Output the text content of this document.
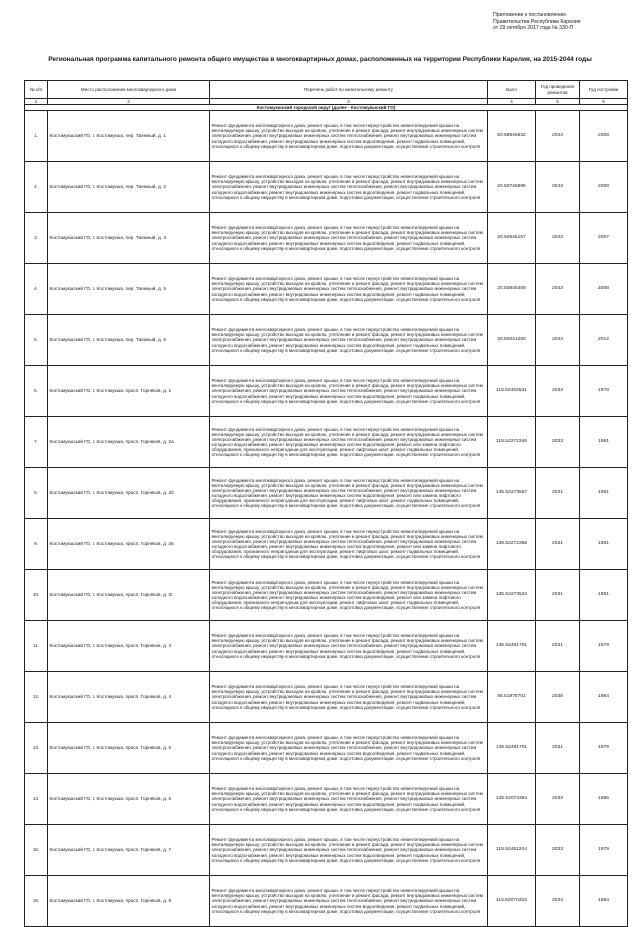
Приложение к постановлению
Правительства Республики Карелия
от 29 октября 2017 года № 330-П
Региональная программа капитального ремонта общего имущества в многоквартирных домах, расположенных на территории Республики Карелия, на 2015-2044 годы
№ п/п	Место расположения многоквартирного дома	Перечень работ по капитальному ремонту	Балл	Год проведения ремонтов	Год постройки
1	2	3	4	5	6
Костомукшский городской округ (далее - Костомукшский ГО)					
1.	Костомукшский ГО, г. Костомукша, пер. Таежный, д. 1	Ремонт фундамента многоквартирного дома, ремонт крыши, в том числе переустройство невентилируемой крыши на вентилируемую крышу, устройство выходов на кровлю, утепление и ремонт фасада, ремонт внутридомовых инженерных систем электроснабжения, ремонт внутридомовых инженерных систем теплоснабжения, ремонт внутридомовых инженерных систем холодного водоснабжения, ремонт внутридомовых инженерных систем водоотведения, ремонт подвальных помещений, относящихся к общему имуществу в многоквартирном доме, подготовка документации, осуществление строительного контроля	50.58546632	2043	2008
2.	Костомукшский ГО, г. Костомукша, пер. Таежный, д. 2	Ремонт фундамента многоквартирного дома, ремонт крыши, в том числе переустройство невентилируемой крыши на вентилируемую крышу, устройство выходов на кровлю, утепление и ремонт фасада, ремонт внутридомовых инженерных систем электроснабжения, ремонт внутридомовых инженерных систем теплоснабжения, ремонт внутридомовых инженерных систем холодного водоснабжения, ремонт внутридомовых инженерных систем водоотведения, ремонт подвальных помещений, относящихся к общему имуществу в многоквартирном доме, подготовка документации, осуществление строительного контроля	20.50746695	2043	2008
3.	Костомукшский ГО, г. Костомукша, пер. Таежный, д. 3	Ремонт фундамента многоквартирного дома, ремонт крыши, в том числе переустройство невентилируемой крыши на вентилируемую крышу, устройство выходов на кровлю, утепление и ремонт фасада, ремонт внутридомовых инженерных систем электроснабжения, ремонт внутридомовых инженерных систем теплоснабжения, ремонт внутридомовых инженерных систем холодного водоснабжения, ремонт внутридомовых инженерных систем водоотведения, ремонт подвальных помещений, относящихся к общему имуществу в многоквартирном доме, подготовка документации, осуществление строительного контроля	20.50546157	2043	2007
4.	Костомукшский ГО, г. Костомукша, пер. Таежный, д. 5	Ремонт фундамента многоквартирного дома, ремонт крыши, в том числе переустройство невентилируемой крыши на вентилируемую крышу, устройство выходов на кровлю, утепление и ремонт фасада, ремонт внутридомовых инженерных систем электроснабжения, ремонт внутридомовых инженерных систем теплоснабжения, ремонт внутридомовых инженерных систем холодного водоснабжения, ремонт внутридомовых инженерных систем водоотведения, ремонт подвальных помещений, относящихся к общему имуществу в многоквартирном доме, подготовка документации, осуществление строительного контроля	20.50645405	2043	2008
5.	Костомукшский ГО, г. Костомукша, пер. Таежный, д. 6	Ремонт фундамента многоквартирного дома, ремонт крыши, в том числе переустройство невентилируемой крыши на вентилируемую крышу, устройство выходов на кровлю, утепление и ремонт фасада, ремонт внутридомовых инженерных систем электроснабжения, ремонт внутридомовых инженерных систем теплоснабжения, ремонт внутридомовых инженерных систем холодного водоснабжения, ремонт внутридомовых инженерных систем водоотведения, ремонт подвальных помещений, относящихся к общему имуществу в многоквартирном доме, подготовка документации, осуществление строительного контроля	20.50041260	2043	2012
6.	Костомукшский ГО, г. Костомукша, просп. Горняков, д. 1	Ремонт фундамента многоквартирного дома, ремонт крыши, в том числе переустройство невентилируемой крыши на вентилируемую крышу, устройство выходов на кровлю, утепление и ремонт фасада, ремонт внутридомовых инженерных систем электроснабжения, ремонт внутридомовых инженерных систем теплоснабжения, ремонт внутридомовых инженерных систем холодного водоснабжения, ремонт внутридомовых инженерных систем водоотведения, ремонт подвальных помещений, относящихся к общему имуществу в многоквартирном доме, подготовка документации, осуществление строительного контроля	115.52452531	2033	1978
7.	Костомукшский ГО, г. Костомукша, просп. Горняков, д. 2а	Ремонт фундамента многоквартирного дома, ремонт крыши, в том числе переустройство невентилируемой крыши на вентилируемую крышу, устройство выходов на кровлю, утепление и ремонт фасада, ремонт внутридомовых инженерных систем электроснабжения, ремонт внутридомовых инженерных систем теплоснабжения, ремонт внутридомовых инженерных систем холодного водоснабжения, ремонт внутридомовых инженерных систем водоотведения, ремонт или замена лифтового оборудования, признанного непригодным для эксплуатации, ремонт лифтовых шахт, ремонт подвальных помещений, относящихся к общему имуществу в многоквартирном доме, подготовка документации, осуществление строительного контроля	115.52272346	2033	1981
8.	Костомукшский ГО, г. Костомукша, просп. Горняков, д. 2б	Ремонт фундамента многоквартирного дома, ремонт крыши, в том числе переустройство невентилируемой крыши на вентилируемую крышу, устройство выходов на кровлю, утепление и ремонт фасада, ремонт внутридомовых инженерных систем электроснабжения, ремонт внутридомовых инженерных систем теплоснабжения, ремонт внутридомовых инженерных систем холодного водоснабжения, ремонт внутридомовых инженерных систем водоотведения, ремонт или замена лифтового оборудования, признанного непригодным для эксплуатации, ремонт лифтовых шахт, ремонт подвальных помещений, относящихся к общему имуществу в многоквартирном доме, подготовка документации, осуществление строительного контроля	135.52273557	2031	1981
9.	Костомукшский ГО, г. Костомукша, просп. Горняков, д. 2в	Ремонт фундамента многоквартирного дома, ремонт крыши, в том числе переустройство невентилируемой крыши на вентилируемую крышу, устройство выходов на кровлю, утепление и ремонт фасада, ремонт внутридомовых инженерных систем электроснабжения, ремонт внутридомовых инженерных систем теплоснабжения, ремонт внутридомовых инженерных систем холодного водоснабжения, ремонт внутридомовых инженерных систем водоотведения, ремонт или замена лифтового оборудования, признанного непригодным для эксплуатации, ремонт лифтовых шахт, ремонт подвальных помещений, относящихся к общему имуществу в многоквартирном доме, подготовка документации, осуществление строительного контроля	135.52272356	2031	1981
10.	Костомукшский ГО, г. Костомукша, просп. Горняков, д. 2г	Ремонт фундамента многоквартирного дома, ремонт крыши, в том числе переустройство невентилируемой крыши на вентилируемую крышу, устройство выходов на кровлю, утепление и ремонт фасада, ремонт внутридомовых инженерных систем электроснабжения, ремонт внутридомовых инженерных систем теплоснабжения, ремонт внутридомовых инженерных систем холодного водоснабжения, ремонт внутридомовых инженерных систем водоотведения, ремонт или замена лифтового оборудования, признанного непригодным для эксплуатации, ремонт лифтовых шахт, ремонт подвальных помещений, относящихся к общему имуществу в многоквартирном доме, подготовка документации, осуществление строительного контроля	135.52273534	2031	1981
11.	Костомукшский ГО, г. Костомукша, просп. Горняков, д. 3	Ремонт фундамента многоквартирного дома, ремонт крыши, в том числе переустройство невентилируемой крыши на вентилируемую крышу, устройство выходов на кровлю, утепление и ремонт фасада, ремонт внутридомовых инженерных систем электроснабжения, ремонт внутридомовых инженерных систем теплоснабжения, ремонт внутридомовых инженерных систем холодного водоснабжения, ремонт внутридомовых инженерных систем водоотведения, ремонт подвальных помещений, относящихся к общему имуществу в многоквартирном доме, подготовка документации, осуществление строительного контроля	135.52481701	2031	1979
12.	Костомукшский ГО, г. Костомукша, просп. Горняков, д. 4	Ремонт фундамента многоквартирного дома, ремонт крыши, в том числе переустройство невентилируемой крыши на вентилируемую крышу, устройство выходов на кровлю, утепление и ремонт фасада, ремонт внутридомовых инженерных систем электроснабжения, ремонт внутридомовых инженерных систем теплоснабжения, ремонт внутридомовых инженерных систем холодного водоснабжения, ремонт внутридомовых инженерных систем водоотведения, ремонт подвальных помещений, относящихся к общему имуществу в многоквартирном доме, подготовка документации, осуществление строительного контроля	55.51976701	2038	1984
13.	Костомукшский ГО, г. Костомукша, просп. Горняков, д. 5	Ремонт фундамента многоквартирного дома, ремонт крыши, в том числе переустройство невентилируемой крыши на вентилируемую крышу, устройство выходов на кровлю, утепление и ремонт фасада, ремонт внутридомовых инженерных систем электроснабжения, ремонт внутридомовых инженерных систем теплоснабжения, ремонт внутридомовых инженерных систем холодного водоснабжения, ремонт внутридомовых инженерных систем водоотведения, ремонт подвальных помещений, относящихся к общему имуществу в многоквартирном доме, подготовка документации, осуществление строительного контроля	135.52481701	2031	1979
14.	Костомукшский ГО, г. Костомукша, просп. Горняков, д. 6	Ремонт фундамента многоквартирного дома, ремонт крыши, в том числе переустройство невентилируемой крыши на вентилируемую крышу, устройство выходов на кровлю, утепление и ремонт фасада, ремонт внутридомовых инженерных систем электроснабжения, ремонт внутридомовых инженерных систем теплоснабжения, ремонт внутридомовых инженерных систем холодного водоснабжения, ремонт внутридомовых инженерных систем водоотведения, ремонт подвальных помещений, относящихся к общему имуществу в многоквартирном доме, подготовка документации, осуществление строительного контроля	125.52074364	2032	1986
15.	Костомукшский ГО, г. Костомукша, просп. Горняков, д. 7	Ремонт фундамента многоквартирного дома, ремонт крыши, в том числе переустройство невентилируемой крыши на вентилируемую крышу, устройство выходов на кровлю, утепление и ремонт фасада, ремонт внутридомовых инженерных систем электроснабжения, ремонт внутридомовых инженерных систем теплоснабжения, ремонт внутридомовых инженерных систем холодного водоснабжения, ремонт внутридомовых инженерных систем водоотведения, ремонт подвальных помещений, относящихся к общему имуществу в многоквартирном доме, подготовка документации, осуществление строительного контроля	115.52481204	2033	1979
16.	Костомукшский ГО, г. Костомукша, просп. Горняков, д. 8	Ремонт фундамента многоквартирного дома, ремонт крыши, в том числе переустройство невентилируемой крыши на вентилируемую крышу, устройство выходов на кровлю, утепление и ремонт фасада, ремонт внутридомовых инженерных систем электроснабжения, ремонт внутридомовых инженерных систем теплоснабжения, ремонт внутридомовых инженерных систем холодного водоснабжения, ремонт внутридомовых инженерных систем водоотведения, ремонт подвальных помещений, относящихся к общему имуществу в многоквартирном доме, подготовка документации, осуществление строительного контроля	115.52070323	2034	1984
